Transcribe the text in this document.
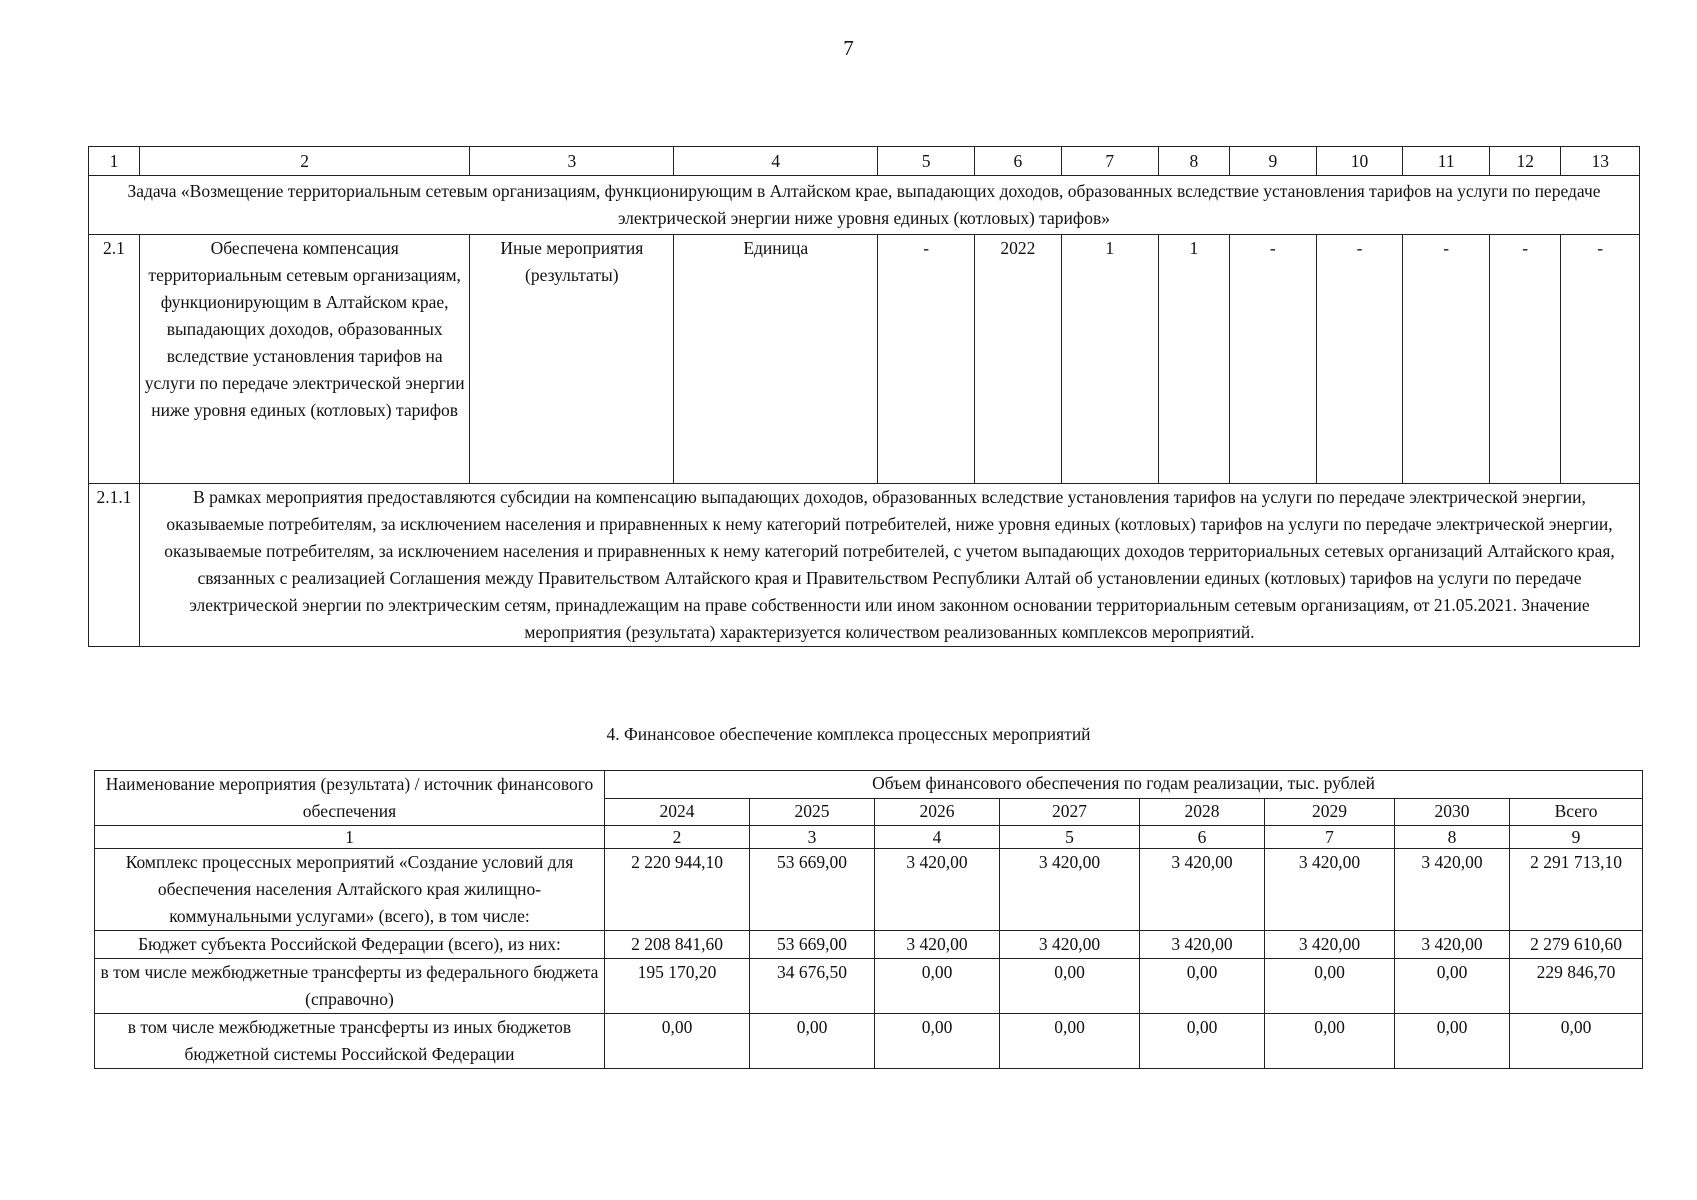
7
1	2	3	4	5	6	7	8	9	10	11	12	13
Задача «Возмещение территориальным сетевым организациям, функционирующим в Алтайском крае, выпадающих доходов, образованных вследствие установления тарифов на услуги по передаче электрической энергии ниже уровня единых (котловых) тарифов»												
2.1	Обеспечена компенсация территориальным сетевым организациям, функционирующим в Алтайском крае, выпадающих доходов, образованных вследствие установления тарифов на услуги по передаче электрической энергии ниже уровня единых (котловых) тарифов	Иные мероприятия (результаты)	Единица	-	2022	1	1	-	-	-	-	-
2.1.1	В рамках мероприятия предоставляются субсидии на компенсацию выпадающих доходов, образованных вследствие установления тарифов на услуги по передаче электрической энергии, оказываемые потребителям, за исключением населения и приравненных к нему категорий потребителей, ниже уровня единых (котловых) тарифов на услуги по передаче электрической энергии, оказываемые потребителям, за исключением населения и приравненных к нему категорий потребителей, с учетом выпадающих доходов территориальных сетевых организаций Алтайского края, связанных с реализацией Соглашения между Правительством Алтайского края и Правительством Республики Алтай об установлении единых (котловых) тарифов на услуги по передаче электрической энергии по электрическим сетям, принадлежащим на праве собственности или ином законном основании территориальным сетевым организациям, от 21.05.2021. Значение мероприятия (результата) характеризуется количеством реализованных комплексов мероприятий.											
4. Финансовое обеспечение комплекса процессных мероприятий
Наименование мероприятия (результата) / источник финансового обеспечения	Объем финансового обеспечения по годам реализации, тыс. рублей							
	2024	2025	2026	2027	2028	2029	2030	Всего
1	2	3	4	5	6	7	8	9
Комплекс процессных мероприятий «Создание условий для обеспечения населения Алтайского края жилищно-коммунальными услугами» (всего), в том числе:	2 220 944,10	53 669,00	3 420,00	3 420,00	3 420,00	3 420,00	3 420,00	2 291 713,10
Бюджет субъекта Российской Федерации (всего), из них:	2 208 841,60	53 669,00	3 420,00	3 420,00	3 420,00	3 420,00	3 420,00	2 279 610,60
в том числе межбюджетные трансферты из федерального бюджета (справочно)	195 170,20	34 676,50	0,00	0,00	0,00	0,00	0,00	229 846,70
в том числе межбюджетные трансферты из иных бюджетов бюджетной системы Российской Федерации	0,00	0,00	0,00	0,00	0,00	0,00	0,00	0,00
